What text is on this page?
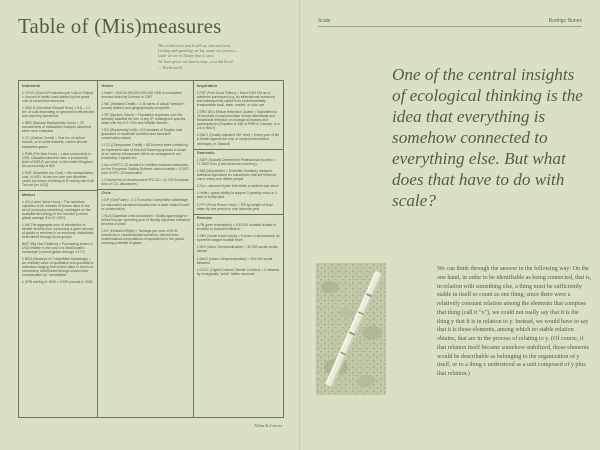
Table of (Mis)measures
The world is too much with us; late and soon,
Getting and spending, we lay waste our powers;—
Little we see in Nature that is ours;
We have given our hearts away, a sordid boon!
— Wordsworth
Industrial
1 CPUO (Cost of Production per Unit of Output) = Amount of useful work divided by the gross cost of consumed resources
1 GWI-H (Electrical Kilowatt Hour) = 8.8 – 1.1 lxe. of coal depending on generation efficiencies and recovery operations
1 BRD (Banana Radioactivity Dose) = 78 nanosieverts of radioactive isotopes absorbed when near a banana
1 CC (Carbon Credit) = One ton of carbon dioxide, or in some markets, carbon dioxide equivalent gases
1 PMH (Per Man-Hour) = Labor productivity in USD. Canadian laborers have a productivity level of $30US per hour, in the United Kingdom the productivity is $25
1 KMT (Kilometer-ton Cost) = the transportation cost, in USD, of one ton over one kilometer, varies by means of transport [Trucking rate 6.86 Ton-km per USD]
Market
1 UVI (Labor Value Hour) = The monetary valuation of 60 minutes of human labor in the act of producing something, contingent on the available technology in the moment [current global average $14.47 USD]
1 Util The aggregate sum of satisfaction or benefit derived from consuming a given amount of goods or services in an economy; statistically determined through focus groups
BMF (Big Mac Relation) = Purchasing power in USD relative to the cost of a MacDonald's hamburger [current global average 0.177]
1 MCA (Measure of Competitive Advantage) = An ordinally value of qualitative and quantitative indicators ranging from brand value to return on investment, determined through closed-door consideration by "consultants"
1 GPB sterling in 1949 = 0.029 pounds in 2018
Green
1 Earth = $16-54,000,000,000,000 USD in ecosystem services listed by Science in 1997
1 WC (Wetland Credit) = 1.16 acres of actual "wetland", loosely defined and geographically unspecific
1 SP (Species Token) = Population surpluses over the arbitrary baseline for one of any 57 endangered species listed with the U.S. Fish and Wildlife Service
1 BO (Biodiversity Unit) = 0.6 hectares of English void grassland in moderate condition and favorable conservation status
1 CCI (Chimpanzee Credit) = 58 Dunrein trees containing an equivalent ratio of fruit and flowering species to those of an optimal chimpanzee diet in an arrangement not exceeding 3 square km
1 ton of HCFC-22 avoided in certified emission reductions for the European Trading Scheme carbon market = 0.0157 tons of HFC-23 incinerated
1 Chinese ton of decomposed HFC-23 = 11,700 European tons of CO₂ allowances
Civic
1 GP (GeoPoser) = 2.1 Economic/ competitive advantage (or equivalent perceived assets) over a state control board or conservation
1 SLA (Sacrificial Limb Annuation) = Bodily appendage or orifice lost per operating year of fiscally important industrial process or plant
1 EK (Emission Right) = Tonnage-per-cent of GHG emissions in counterfactual scenarios, derived from mathematical computations of equivalents in the global warming potential of gases
Inspiration
1 FDF (Feel Good Fiction) = Each 1000 KM as of rainforest purchased (e.g. by international investors) and subsequently saved from environmentally irresponsible local, state, market, or civic use
1 ERG (Eco Ethical Reflection Quant) = Equivalent to 24 seconds of post-purchase human attentional and transitional reflection on ecological impacts and consequences [Equates to 19p of PMH in Canada, or a 1/4 in flow?]
1 QALY (Quality Adjusted Life Year) = Every year of life in health against the cost of medical intervention necessary, in Taiwan$
Domestic
1 SDPI (Socially Determined Professional Income) = 17,1800 Euro (Latin American currency)
1 MM (Microdollar) = Domestic monetary measure statistical equivalent for substances that are lethal for one in every one million people
1 Dol = amount of pain that elicits a medium eye wince
1 Heffe = grass vitality to support 5 grazing cows on 1 acre of family land
1 FPY (Food Person Year) = 700 kg weight of food eaten by one person in one calendar year
Renown
1 PB (peer redemption) = 100,000 donated dollars to an artist or cultural institution
1 SBV (social brand value) = 5 years of sponsorship for a premier league football team
1 MGI (micro Gesymbolization) = 30,000 social media follows
1 MaGI (macro Gesymbolization) = 300,000 social followers
1 ECCC (Digital Cultural Climate Comfort) = 4 retweets by ecologically "woke" twitter accounts
Allen & Carver
Scale	Rodrigo Nunes
One of the central insights of ecological thinking is the idea that everything is somehow connected to everything else. But what does that have to do with scale?
We can think through the answer in the following way: On the one hand, in order to be identifiable as being connected, that is, in relation with something else, a thing must be sufficiently stable in itself to count as one thing, since there were a relatively constant relation among the elements that compose that thing (call it "x"), we could not really say that it is the thing y that it is in relation to y. Instead, we would have to say that it is those elements, among which no stable relation obtains, that are in the process of relating to y. (Of course, if that relation itself became somehow stabilized, those elements would be describable as belonging to the organization of y itself, or to a thing z understood as a unit composed of y plus that relation.)
